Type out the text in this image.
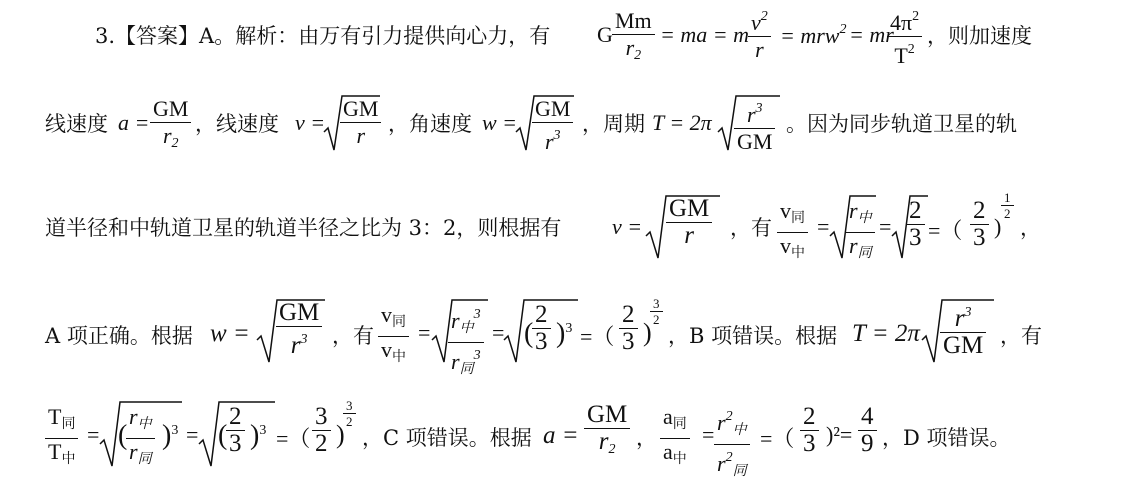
3.【答案】A。解析：由万有引力提供向心力，有 G $\frac{Mm}{r_2}$ = ma = m $\frac{v^2}{r} = mrw^2$ = mr
$\frac{4\pi^2}{T^2}$ ，则加速度
线速度 $a = \frac{GM}{r_2}$ ，线速度 $v = \frac{GM}{r}$ ，角速度 $w = \frac{GM}{r^3}$ ，周期 $T = 2\pi \frac{r^3}{GM}$ 。因为同步轨道卫星的轨
道半径和中轨道卫星的轨道半径之比为 3：2，则根据有 $v = \frac{GM}{r}$ ，有
$v_同$
$v_中$
=
$r_中$
$r_同$
= $\frac{2}{3}$ =（ $\frac{2}{3}$ )
$\frac{1}{2}$
，
A 项正确。根据 $w = \frac{GM}{r^3}$ ，有
$v_同$
$v_中$
= $r_中^3$
$r_同^3$
= (
$\frac{2}{3} )^3$ =（ $\frac{2}{3}$ )
$\frac{3}{2}$
，B 项错误。根据 $T = 2\pi \frac{r^3}{GM}$ ，有
$T_同$
$T_中$
= (
$r_中$
$r_同$
)$^3$ = (
$\frac{2}{3} )^3$ =（ $\frac{3}{2}$ )
$\frac{3}{2}$
，C 项错误。根据 $a = \frac{GM}{r_2}$ ，
$a_同$
$a_中$
= $r^2_中$
$r^2_同$
=（ $\frac{2}{3} )^2= \frac{4}{9}$ ，D 项错误。
